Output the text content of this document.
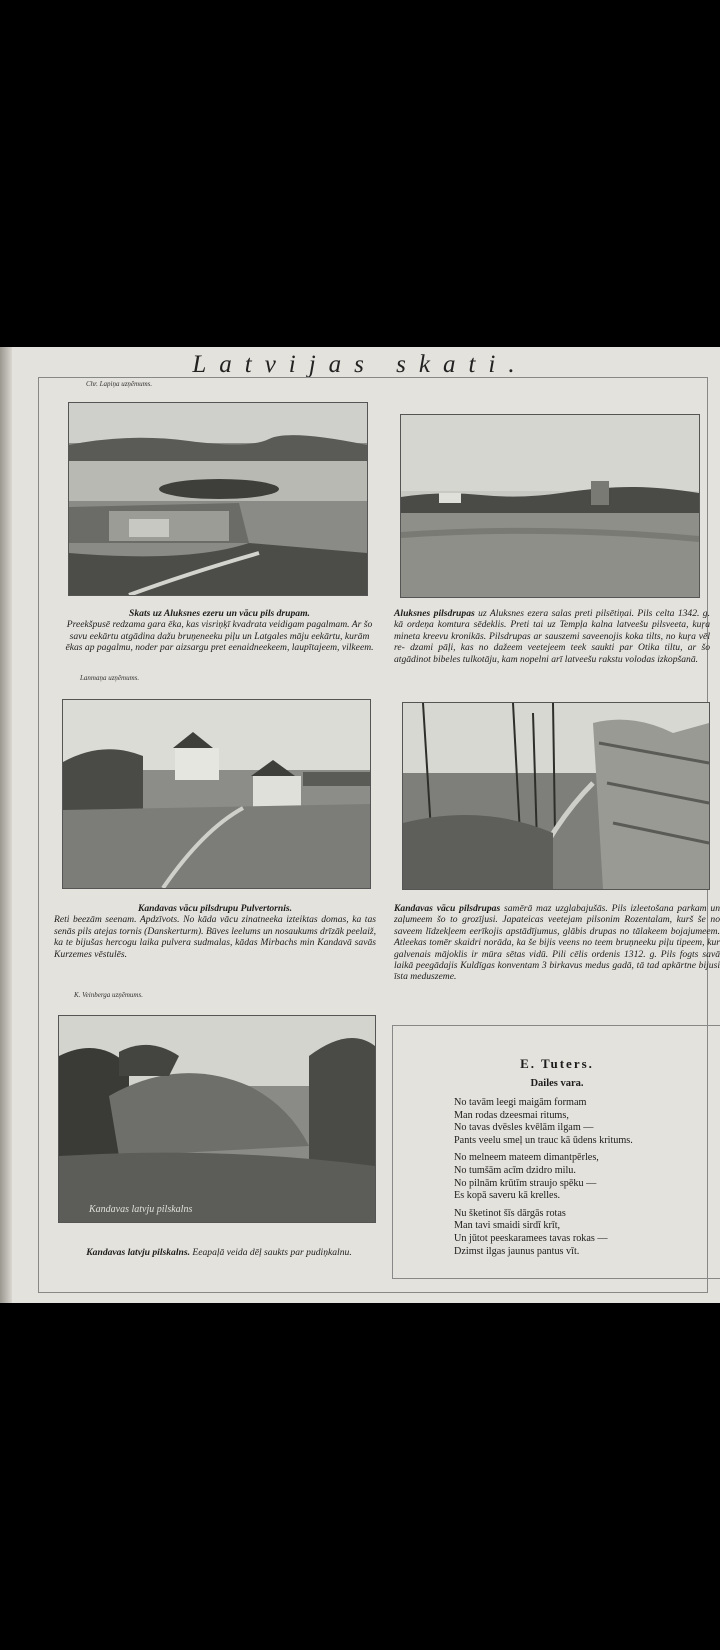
Latvijas skati.
Chr. Lapiņa uzņēmums.
Skats uz Aluksnes ezeru un vācu pils drupam.
Preekšpusē redzama gara ēka, kas visriņķī kvadrata veidigam pagalmam. Ar šo savu eekārtu atgādina dažu bruņeneeku piļu un Latgales māju eekārtu, kurām ēkas ap pagalmu, noder par aizsargu pret eenaidneekeem, laupītajeem, vilkeem.
Aluksnes pilsdrupas uz Aluksnes ezera salas preti pilsētiņai. Pils celta 1342. g. kā ordeņa komtura sēdeklis. Preti tai uz Tempļa kalna latveešu pilsveeta, kuŗa mineta kreevu kronikās. Pilsdrupas ar sauszemi saveenojis koka tilts, no kuŗa vēl re- dzami pāļi, kas no dažeem veetejeem teek saukti par Otika tiltu, ar šo atgādinot bibeles tulkotāju, kam nopelni arī latveešu rakstu volodas izkopšanā.
Lanmaņa uzņēmums.
Kandavas vācu pilsdrupu Pulvertornis.
Reti beezām seenam. Apdzīvots. No kāda vācu zinatneeka izteiktas domas, ka tas senās pils atejas tornis (Danskerturm). Būves leelums un nosaukums drīzāk peelaiž, ka te bijušas hercogu laika pulvera sudmalas, kādas Mirbachs min Kandavā savās Kurzemes vēstulēs.
Kandavas vācu pilsdrupas samērā maz uzglabajušās. Pils izleetošana parkam un zaļumeem šo to grozījusi. Japateicas veetejam pilsonim Rozentalam, kurš še no saveem līdzekļeem eerīkojis apstādījumus, glābis drupas no tālakeem bojajumeem. Atleekas tomēr skaidri norāda, ka še bijis veens no teem bruņneeku piļu tipeem, kur galvenais mājoklis ir mūra sētas vidū. Pili cēlis ordenis 1312. g. Pils fogts savā laikā peegādajis Kuldīgas konventam 3 birkavus medus gadā, tā tad apkārtne bijusi īsta meduszeme.
K. Veinberga uzņēmums.
Kandavas latvju pilskalns
Kandavas latvju pilskalns. Eeapaļā veida dēļ saukts par pudiņkalnu.
E. Tuters.
Dailes vara.
No tavām leegi maigām formam
Man rodas dzeesmai ritums,
No tavas dvēsles kvēlām ilgam —
Pants veelu smeļ un trauc kā ūdens kritums.
No melneem mateem dimantpērles,
No tumšām acīm dzidro milu.
No pilnām krūtīm straujo spēku —
Es kopā saveru kā krelles.
Nu šketinot šīs dārgās rotas
Man tavi smaidi sirdī krīt,
Un jūtot peeskaramees tavas rokas —
Dzimst ilgas jaunus pantus vīt.
